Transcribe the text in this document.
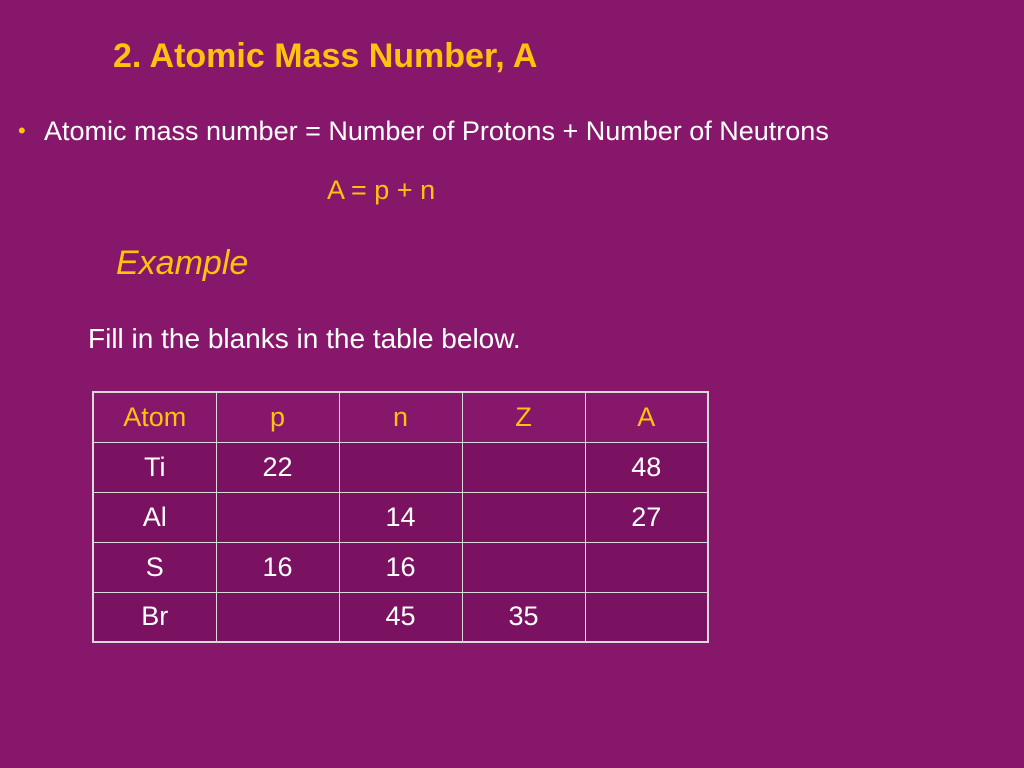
2. Atomic Mass Number, A
• Atomic mass number = Number of Protons + Number of Neutrons
A = p + n
Example
Fill in the blanks in the table below.
Atom	p	n	Z	A
Ti	22			48
Al		14		27
S	16	16		
Br		45	35	
